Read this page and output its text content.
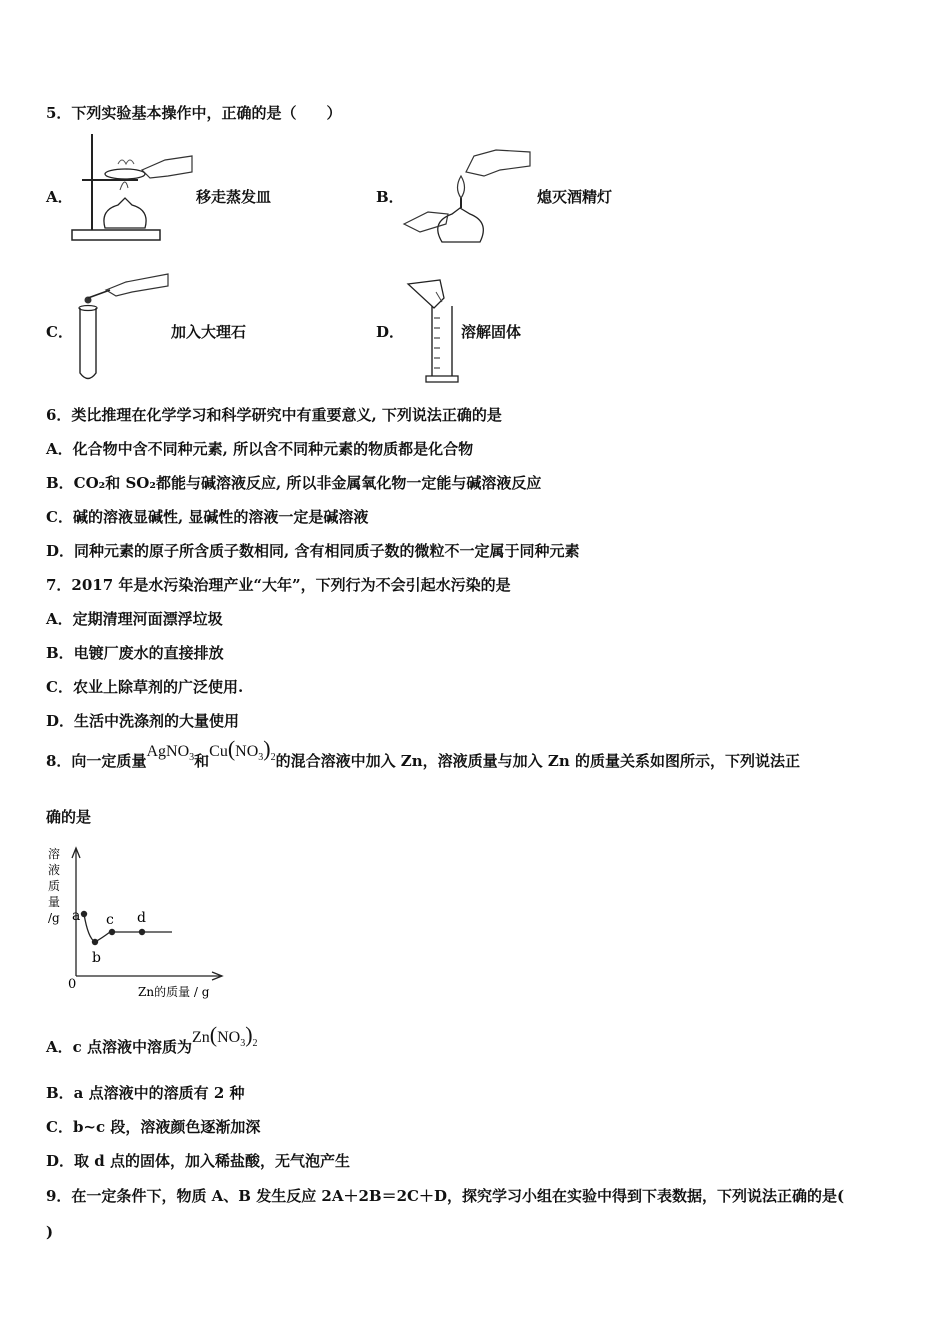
5．下列实验基本操作中，正确的是（　　）
A．	移走蒸发皿	B．	熄灭酒精灯
C．	加入大理石	D．	溶解固体
6．类比推理在化学学习和科学研究中有重要意义, 下列说法正确的是
A．化合物中含不同种元素, 所以含不同种元素的物质都是化合物
B．CO₂和 SO₂都能与碱溶液反应, 所以非金属氧化物一定能与碱溶液反应
C．碱的溶液显碱性, 显碱性的溶液一定是碱溶液
D．同种元素的原子所含质子数相同, 含有相同质子数的微粒不一定属于同种元素
7．2017 年是水污染治理产业“大年”，下列行为不会引起水污染的是
A．定期清理河面漂浮垃圾
B．电镀厂废水的直接排放
C．农业上除草剂的广泛使用.
D．生活中洗涤剂的大量使用
8．向一定质量AgNO$_3$和$Cu(NO_3)_2$的混合溶液中加入 Zn，溶液质量与加入 Zn 的质量关系如图所示，下列说法正
确的是
溶
液
质
量
/g a
b
c d
0	Zn的质量 / g
A．c 点溶液中溶质为$Zn(NO_3)_2$
B．a 点溶液中的溶质有 2 种
C．b~c 段，溶液颜色逐渐加深
D．取 d 点的固体，加入稀盐酸，无气泡产生
9．在一定条件下，物质 A、B 发生反应 2A＋2B＝2C＋D，探究学习小组在实验中得到下表数据，下列说法正确的是(
)
